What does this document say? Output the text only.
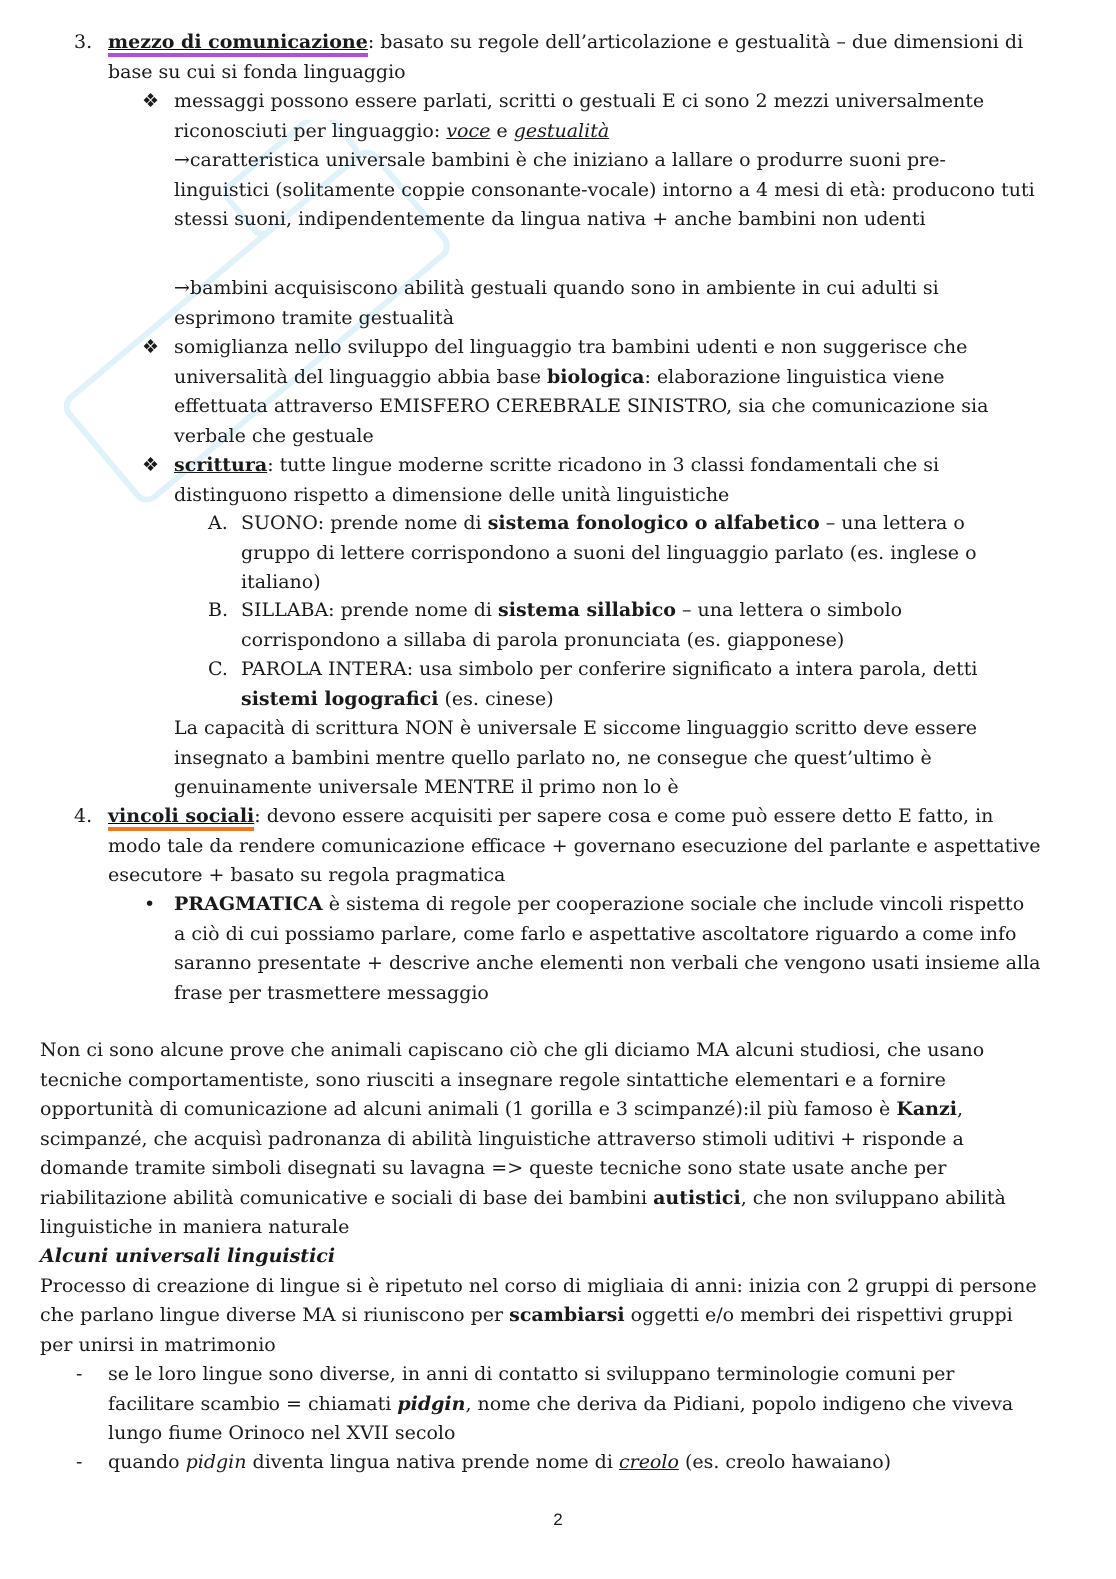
3. mezzo di comunicazione: basato su regole dell’articolazione e gestualità – due dimensioni di

base su cui si fonda linguaggio

❖ messaggi possono essere parlati, scritti o gestuali E ci sono 2 mezzi universalmente

riconosciuti per linguaggio: voce e gestualità

→caratteristica universale bambini è che iniziano a lallare o produrre suoni pre-

linguistici (solitamente coppie consonante-vocale) intorno a 4 mesi di età: producono tuti

stessi suoni, indipendentemente da lingua nativa + anche bambini non udenti

→bambini acquisiscono abilità gestuali quando sono in ambiente in cui adulti si

esprimono tramite gestualità

❖ somiglianza nello sviluppo del linguaggio tra bambini udenti e non suggerisce che

universalità del linguaggio abbia base biologica: elaborazione linguistica viene

effettuata attraverso EMISFERO CEREBRALE SINISTRO, sia che comunicazione sia

verbale che gestuale

❖ scrittura: tutte lingue moderne scritte ricadono in 3 classi fondamentali che si

distinguono rispetto a dimensione delle unità linguistiche

A. SUONO: prende nome di sistema fonologico o alfabetico – una lettera o

gruppo di lettere corrispondono a suoni del linguaggio parlato (es. inglese o

italiano)

B. SILLABA: prende nome di sistema sillabico – una lettera o simbolo

corrispondono a sillaba di parola pronunciata (es. giapponese)

C. PAROLA INTERA: usa simbolo per conferire significato a intera parola, detti

sistemi logografici (es. cinese)

La capacità di scrittura NON è universale E siccome linguaggio scritto deve essere

insegnato a bambini mentre quello parlato no, ne consegue che quest’ultimo è

genuinamente universale MENTRE il primo non lo è

4. vincoli sociali: devono essere acquisiti per sapere cosa e come può essere detto E fatto, in

modo tale da rendere comunicazione efficace + governano esecuzione del parlante e aspettative

esecutore + basato su regola pragmatica

• PRAGMATICA è sistema di regole per cooperazione sociale che include vincoli rispetto

a ciò di cui possiamo parlare, come farlo e aspettative ascoltatore riguardo a come info

saranno presentate + descrive anche elementi non verbali che vengono usati insieme alla

frase per trasmettere messaggio

Non ci sono alcune prove che animali capiscano ciò che gli diciamo MA alcuni studiosi, che usano

tecniche comportamentiste, sono riusciti a insegnare regole sintattiche elementari e a fornire

opportunità di comunicazione ad alcuni animali (1 gorilla e 3 scimpanzé):il più famoso è Kanzi,

scimpanzé, che acquisì padronanza di abilità linguistiche attraverso stimoli uditivi + risponde a

domande tramite simboli disegnati su lavagna => queste tecniche sono state usate anche per

riabilitazione abilità comunicative e sociali di base dei bambini autistici, che non sviluppano abilità

linguistiche in maniera naturale

Alcuni universali linguistici

Processo di creazione di lingue si è ripetuto nel corso di migliaia di anni: inizia con 2 gruppi di persone

che parlano lingue diverse MA si riuniscono per scambiarsi oggetti e/o membri dei rispettivi gruppi

per unirsi in matrimonio

- se le loro lingue sono diverse, in anni di contatto si sviluppano terminologie comuni per

facilitare scambio = chiamati pidgin, nome che deriva da Pidiani, popolo indigeno che viveva

lungo fiume Orinoco nel XVII secolo

- quando pidgin diventa lingua nativa prende nome di creolo (es. creolo hawaiano)

2
